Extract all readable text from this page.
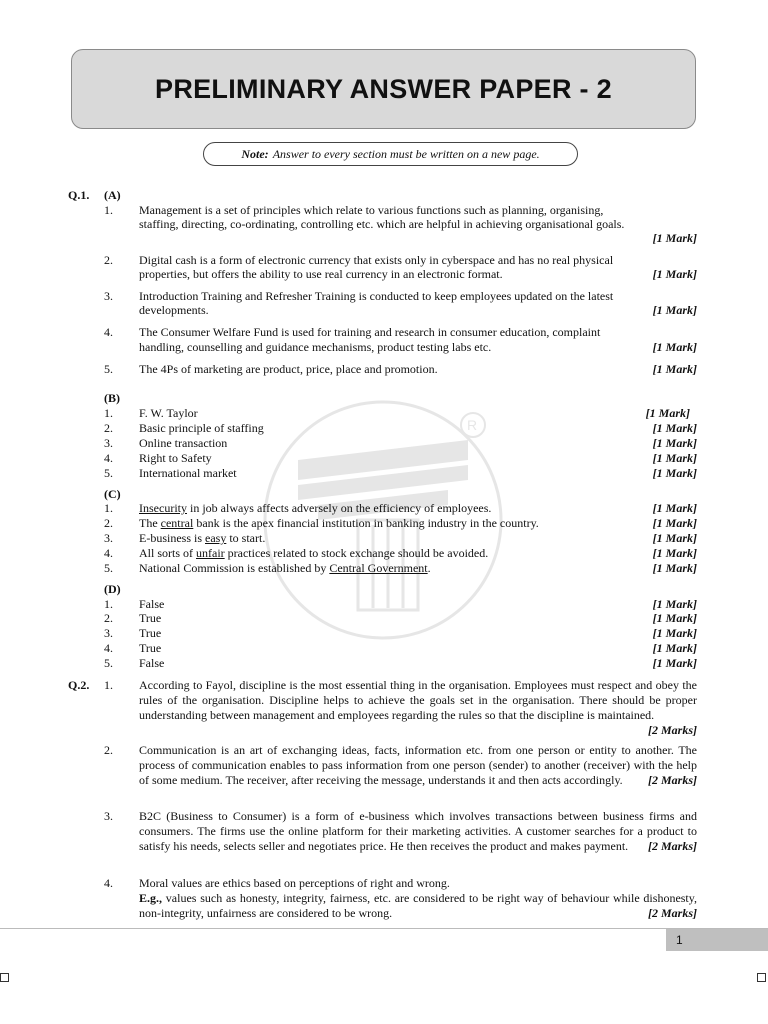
PRELIMINARY ANSWER PAPER - 2
Note: Answer to every section must be written on a new page.
R
Q.1. (A)
1. Management is a set of principles which relate to various functions such as planning, organising,
staffing, directing, co-ordinating, controlling etc. which are helpful in achieving organisational goals.
[1 Mark]
2. Digital cash is a form of electronic currency that exists only in cyberspace and has no real physical
properties, but offers the ability to use real currency in an electronic format.	[1 Mark]
3. Introduction Training and Refresher Training is conducted to keep employees updated on the latest
developments.	[1 Mark]
4. The Consumer Welfare Fund is used for training and research in consumer education, complaint
handling, counselling and guidance mechanisms, product testing labs etc.	[1 Mark]
5. The 4Ps of marketing are product, price, place and promotion.	[1 Mark]
(B)
1. F. W. Taylor	[1 Mark]
2. Basic principle of staffing	[1 Mark]
3. Online transaction	[1 Mark]
4. Right to Safety	[1 Mark]
5. International market	[1 Mark]
(C)
1. Insecurity in job always affects adversely on the efficiency of employees.	[1 Mark]
2. The central bank is the apex financial institution in banking industry in the country.	[1 Mark]
3. E-business is easy to start.	[1 Mark]
4. All sorts of unfair practices related to stock exchange should be avoided.	[1 Mark]
5. National Commission is established by Central Government.	[1 Mark]
(D)
1. False	[1 Mark]
2. True	[1 Mark]
3. True	[1 Mark]
4. True	[1 Mark]
5. False	[1 Mark]
Q.2. 1. According to Fayol, discipline is the most essential thing in the organisation. Employees must respect and obey the rules of the organisation. Discipline helps to achieve the goals set in the organisation. There should be proper understanding between management and employees regarding the rules so that the discipline is maintained.
[2 Marks]
2. Communication is an art of exchanging ideas, facts, information etc. from one person or entity to another. The process of communication enables to pass information from one person (sender) to another (receiver) with the help of some medium. The receiver, after receiving the message, understands it and then acts accordingly. [2 Marks]
3. B2C (Business to Consumer) is a form of e-business which involves transactions between business firms and consumers. The firms use the online platform for their marketing activities. A customer searches for a product to satisfy his needs, selects seller and negotiates price. He then receives the product and makes payment. [2 Marks]
4. Moral values are ethics based on perceptions of right and wrong.
E.g., values such as honesty, integrity, fairness, etc. are considered to be right way of behaviour while dishonesty, non-integrity, unfairness are considered to be wrong.	[2 Marks]
1
